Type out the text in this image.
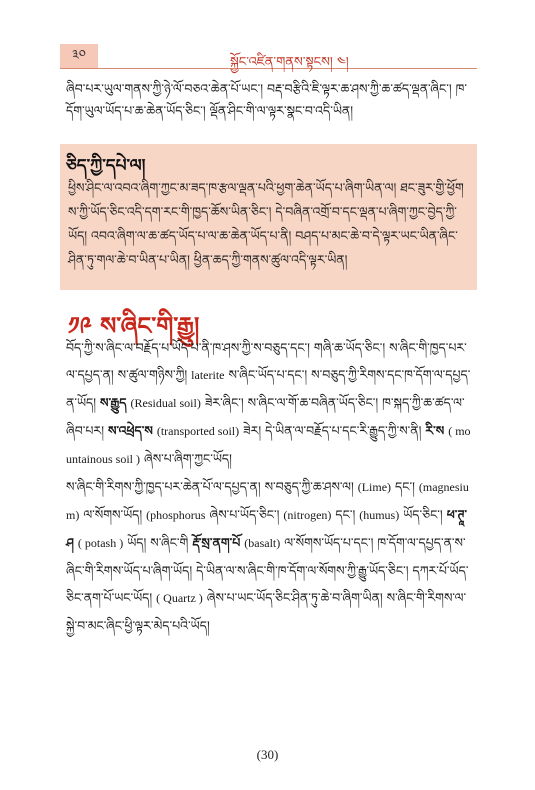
༣༠	སྐྱོང་འཛིན་གནས་སྟངས། ༤།
ཞིབ་པར་ཡུལ་གནས་ཀྱི་ཉེ་ལོ་བཅའ་ཆེན་པོ་ཡང་། བརྡ་བརྩིའི་ཇི་ལྟར་ཆ་ཤས་ཀྱི་ཆ་ཚད་ལྡན་ཞིང་། ཁ་དོག་ཡུལ་ཡོད་པ་ཆ་ཆེན་ཡོད་ཅིང་། ལྡོན་ཤིང་གི་ལ་ལྟར་སྣང་བ་འདི་ཡིན།
ཅིད་ཀྱི་དཔེ་ལ།
ཕྱིས་ཤིང་ལ་འབའ་ཞིག་ཀྱང་མ་ཟད་ཁ་རྩལ་ལྡན་པའི་ཕྱག་ཆེན་ཡོད་པ་ཞིག་ཡིན་ལ། ཐང་ཟུར་གྱི་ཕྱོགས་ཀྱི་ཡོད་ཅིང་འདི་དག་རང་གི་ཁྱད་ཆོས་ཡིན་ཅིང་། དེ་བཞིན་འགྲོ་བ་དང་ལྡན་པ་ཞིག་ཀྱང་བྱེད་ཀྱི་ཡོད། འབའ་ཞིག་ལ་ཆ་ཚད་ཡོད་པ་ལ་ཆ་ཆེན་ཡོད་པ་ནི། བཤད་པ་མང་ཆེ་བ་དེ་ལྟར་ཡང་ཡིན་ཞིང་ཤིན་ཏུ་གལ་ཆེ་བ་ཡིན་པ་ཡིན། ཕྱིན་ཆད་ཀྱི་གནས་ཚུལ་འདི་ལྟར་ཡིན།
༡༩ ས་ཞིང་གི་རྒྱུ།
བོད་ཀྱི་ས་ཞིང་ལ་བརྗོད་པ་ཡོད་པ་ནི་ཁ་ཤས་ཀྱི་ས་བཅུད་དང་། གཞི་ཆ་ཡོད་ཅིང་། ས་ཞིང་གི་ཁྱད་པར་ལ་དཔྱད་ན། ས་ཚུལ་གཉིས་ཀྱི། laterite ས་ཞིང་ཡོད་པ་དང་། ས་བཅུད་ཀྱི་རིགས་དང་ཁ་དོག་ལ་དཔྱད་ན་ཡོད། ས་རྒྱུད (Residual soil) ཟེར་ཞིང་། ས་ཞིང་ལ་གོ་ཆ་བཞིན་ཡོད་ཅིང་། ཁ་སྐད་ཀྱི་ཆ་ཚད་ལ་ཞིབ་པར། ས་འཕྲེད་ས (transported soil) ཟེར། དེ་ཡིན་ལ་བརྗོད་པ་དང་རི་རྒྱུད་ཀྱི་ས་ནི། རི་ས ( mountainous soil ) ཞེས་པ་ཞིག་ཀྱང་ཡོད།
ས་ཞིང་གི་རིགས་ཀྱི་ཁྱད་པར་ཆེན་པོ་ལ་དཔྱད་ན། ས་བཅུད་ཀྱི་ཆ་ཤས་ལ། (Lime) དང་། (magnesium) ལ་སོགས་ཡོད། (phosphorus ཞེས་པ་ཡོད་ཅིང་། (nitrogen) དང་། (humus) ཡོད་ཅིང་། ཕ་ཊཱ་ཤ ( potash ) ཡོད། ས་ཞིང་གི རྡོ་སྲ་ནག་པོ (basalt) ལ་སོགས་ཡོད་པ་དང་། ཁ་དོག་ལ་དཔྱད་ན་ས་ཞིང་གི་རིགས་ཡོད་པ་ཞིག་ཡོད། དེ་ཡིན་ལ་ས་ཞིང་གི་ཁ་དོག་ལ་སོགས་ཀྱི་རྒྱུ་ཡོད་ཅིང་། དཀར་པོ་ཡོད་ཅིང་ནག་པོ་ཡང་ཡོད། ( Quartz ) ཞེས་པ་ཡང་ཡོད་ཅིང་ཤིན་ཏུ་ཆེ་བ་ཞིག་ཡིན། ས་ཞིང་གི་རིགས་ལ་སྐྱེ་བ་མང་ཞིང་ཕྱི་ལྟར་མེད་པའི་ཡོད།
(30)
